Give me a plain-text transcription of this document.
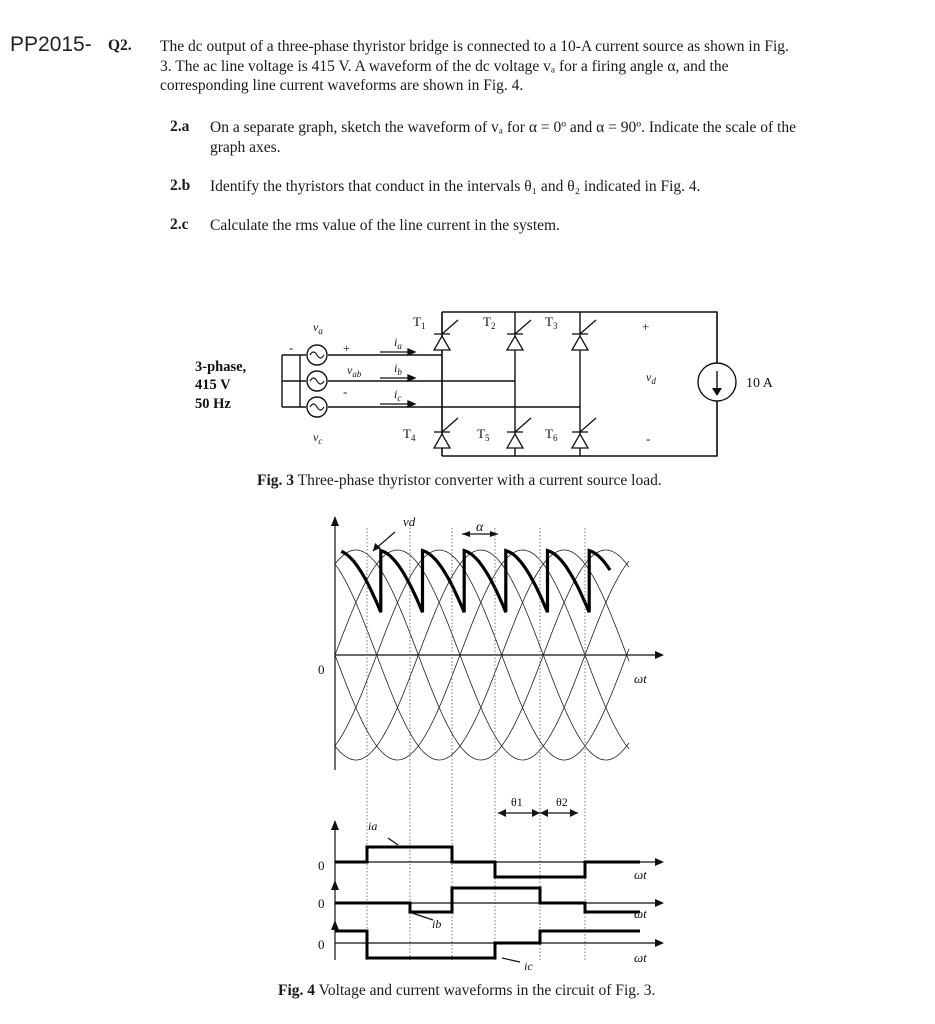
PP2015- Q2. The dc output of a three-phase thyristor bridge is connected to a 10-A current source as shown in Fig.
3. The ac line voltage is 415 V. A waveform of the dc voltage vₐ for a firing angle α, and the
corresponding line current waveforms are shown in Fig. 4.
2.a On a separate graph, sketch the waveform of vₐ for α = 0º and α = 90º. Indicate the scale of the
graph axes.
2.b Identify the thyristors that conduct in the intervals θ₁ and θ₂ indicated in Fig. 4.
2.c Calculate the rms value of the line current in the system.
3-phase,
415 V
50 Hz
$v_a$
$v_c$
$v_{ab}$
-	+
-
$i_a$
$i_b$
$i_c$
$T_1$	$T_2$	$T_3$
$T_4$	$T_5$	$T_6$
+
-
$v_d$	10 A
Fig. 3 Three-phase thyristor converter with a current source load.
vd	α
0
ωt
θ1	θ2
ia
0
ωt
0
ωt
ib
0
ωt
ic
Fig. 4 Voltage and current waveforms in the circuit of Fig. 3.
